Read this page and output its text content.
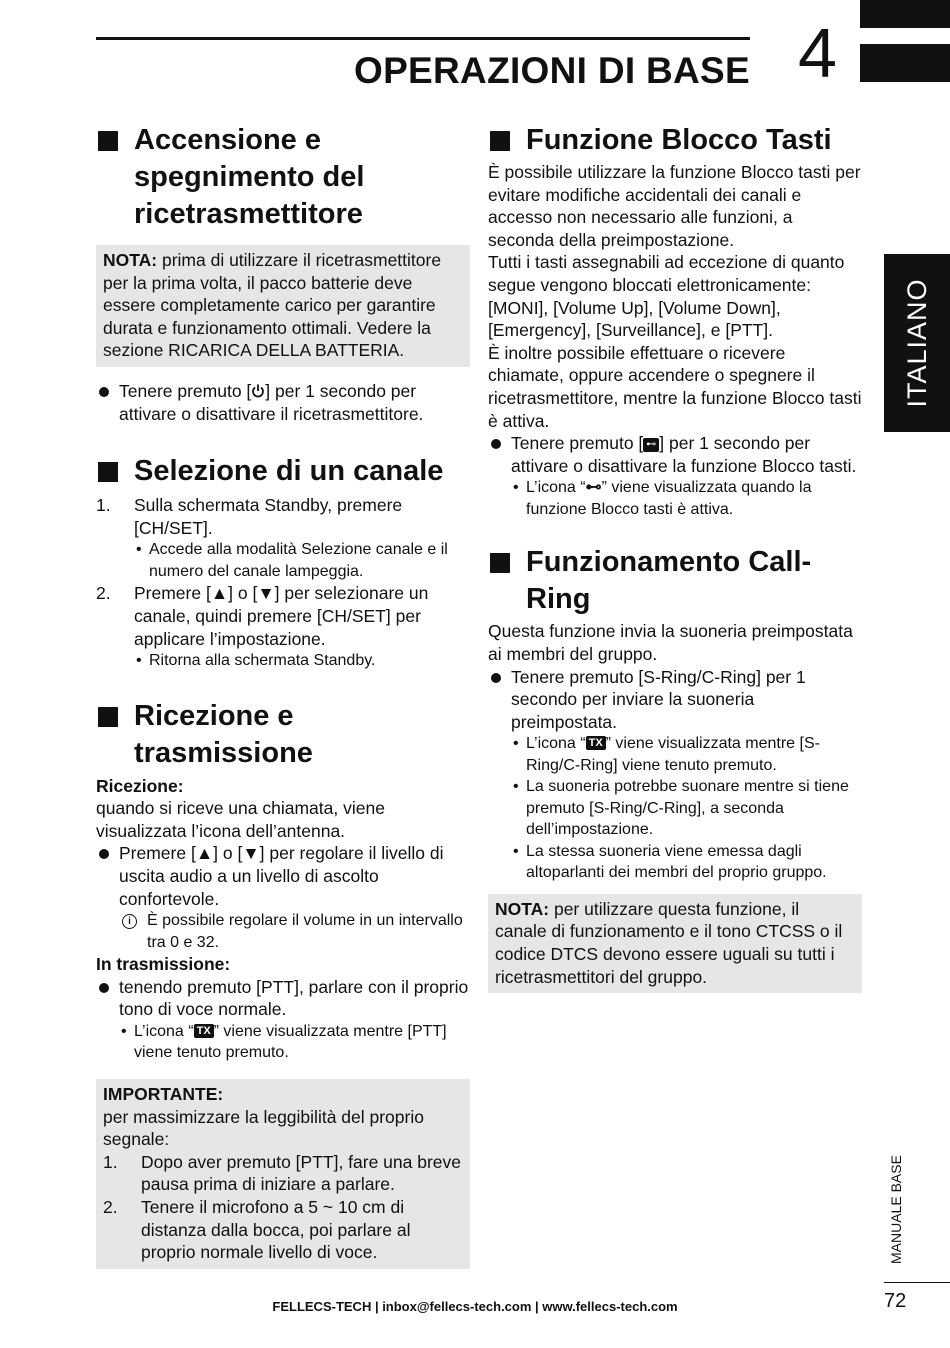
OPERAZIONI DI BASE 4
ITALIANO
MANUALE BASE
72
Accensione e spegnimento del ricetrasmettitore
NOTA: prima di utilizzare il ricetrasmettitore per la prima volta, il pacco batterie deve essere completamente carico per garantire durata e funzionamento ottimali. Vedere la sezione RICARICA DELLA BATTERIA.
Tenere premuto [ ] per 1 secondo per attivare o disattivare il ricetrasmettitore.
Selezione di un canale
1. Sulla schermata Standby, premere [CH/SET].
• Accede alla modalità Selezione canale e il numero del canale lampeggia.
2. Premere [▲] o [▼] per selezionare un canale, quindi premere [CH/SET] per applicare l’impostazione.
• Ritorna alla schermata Standby.
Ricezione e trasmissione

Ricezione:

quando si riceve una chiamata, viene visualizzata l’icona dell’antenna.

Premere [▲] o [▼] per regolare il livello di uscita audio a un livello di ascolto confortevole.
i	È possibile regolare il volume in un intervallo tra 0 e 32.

In trasmissione:

tenendo premuto [PTT], parlare con il proprio tono di voce normale.
• L’icona “ TX ” viene visualizzata mentre [PTT] viene tenuto premuto.

IMPORTANTE:

per massimizzare la leggibilità del proprio segnale:

1. Dopo aver premuto [PTT], fare una breve pausa prima di iniziare a parlare.
2. Tenere il microfono a 5 ~ 10 cm di distanza dalla bocca, poi parlare al proprio normale livello di voce.
Funzione Blocco Tasti

È possibile utilizzare la funzione Blocco tasti per evitare modifiche accidentali dei canali e accesso non necessario alle funzioni, a seconda della preimpostazione.

Tutti i tasti assegnabili ad eccezione di quanto segue vengono bloccati elettronicamente: [MONI], [Volume Up], [Volume Down], [Emergency], [Surveillance], e [PTT].

È inoltre possibile effettuare o ricevere chiamate, oppure accendere o spegnere il ricetrasmettitore, mentre la funzione Blocco tasti è attiva.

Tenere premuto [ ⊷ ] per 1 secondo per attivare o disattivare la funzione Blocco tasti.
• L’icona “⊷” viene visualizzata quando la funzione Blocco tasti è attiva.
Funzionamento Call-Ring

Questa funzione invia la suoneria preimpostata ai membri del gruppo.

Tenere premuto [S-Ring/C-Ring] per 1 secondo per inviare la suoneria preimpostata.
• L’icona “ TX ” viene visualizzata mentre [S-Ring/C-Ring] viene tenuto premuto.
• La suoneria potrebbe suonare mentre si tiene premuto [S-Ring/C-Ring], a seconda dell’impostazione.
• La stessa suoneria viene emessa dagli altoparlanti dei membri del proprio gruppo.
NOTA: per utilizzare questa funzione, il canale di funzionamento e il tono CTCSS o il codice DTCS devono essere uguali su tutti i ricetrasmettitori del gruppo.
FELLECS-TECH | inbox@fellecs-tech.com | www.fellecs-tech.com
